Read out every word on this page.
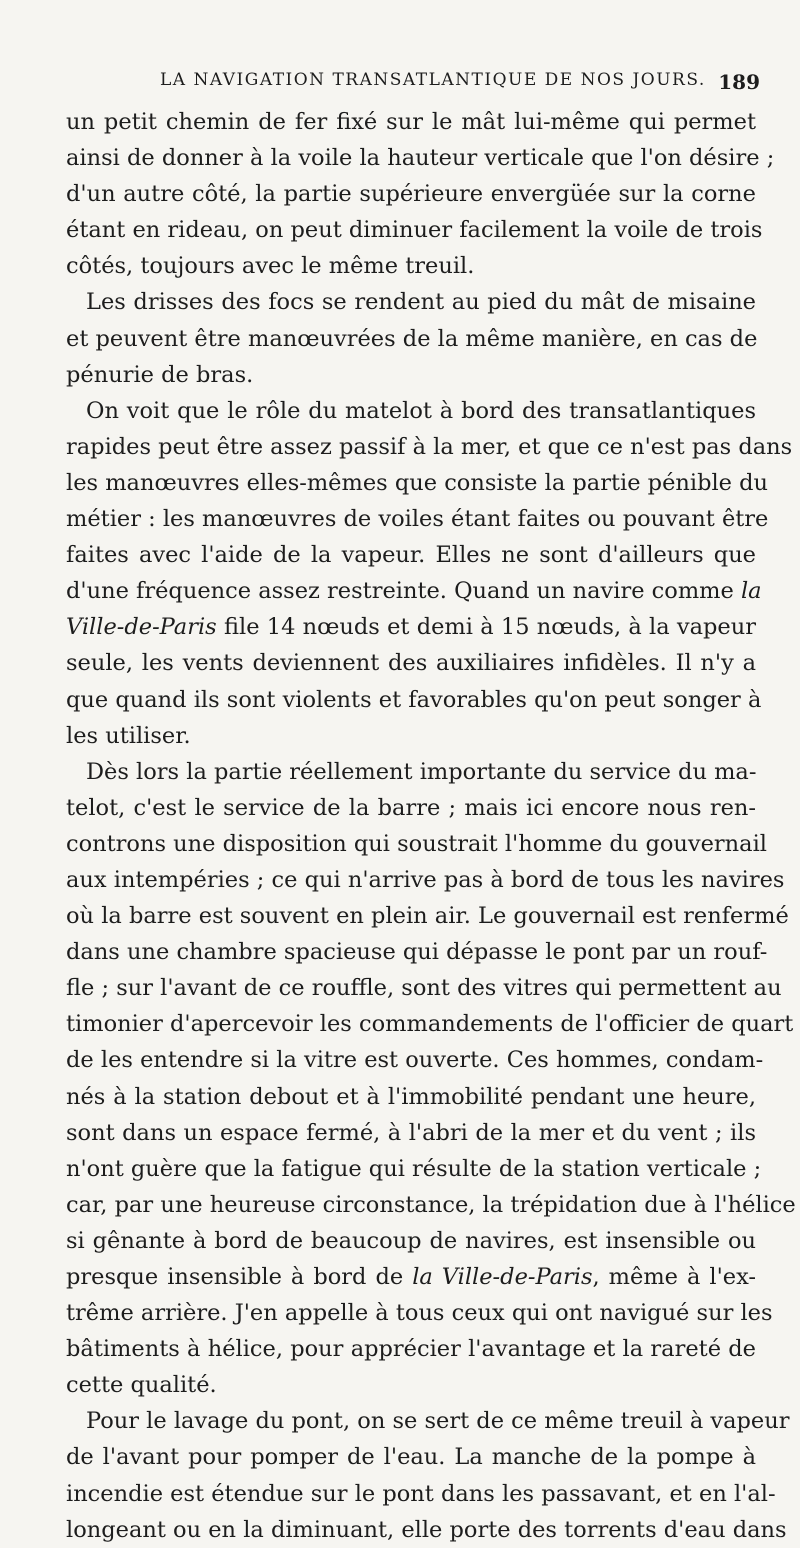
LA NAVIGATION TRANSATLANTIQUE DE NOS JOURS. 189
un petit chemin de fer fixé sur le mât lui-même qui permet
ainsi de donner à la voile la hauteur verticale que l'on désire ;
d'un autre côté, la partie supérieure envergüée sur la corne
étant en rideau, on peut diminuer facilement la voile de trois
côtés, toujours avec le même treuil.
Les drisses des focs se rendent au pied du mât de misaine
et peuvent être manœuvrées de la même manière, en cas de
pénurie de bras.
On voit que le rôle du matelot à bord des transatlantiques
rapides peut être assez passif à la mer, et que ce n'est pas dans
les manœuvres elles-mêmes que consiste la partie pénible du
métier : les manœuvres de voiles étant faites ou pouvant être
faites avec l'aide de la vapeur. Elles ne sont d'ailleurs que
d'une fréquence assez restreinte. Quand un navire comme la
Ville-de-Paris file 14 nœuds et demi à 15 nœuds, à la vapeur
seule, les vents deviennent des auxiliaires infidèles. Il n'y a
que quand ils sont violents et favorables qu'on peut songer à
les utiliser.
Dès lors la partie réellement importante du service du ma-
telot, c'est le service de la barre ; mais ici encore nous ren-
controns une disposition qui soustrait l'homme du gouvernail
aux intempéries ; ce qui n'arrive pas à bord de tous les navires
où la barre est souvent en plein air. Le gouvernail est renfermé
dans une chambre spacieuse qui dépasse le pont par un rouf-
fle ; sur l'avant de ce rouffle, sont des vitres qui permettent au
timonier d'apercevoir les commandements de l'officier de quart
de les entendre si la vitre est ouverte. Ces hommes, condam-
nés à la station debout et à l'immobilité pendant une heure,
sont dans un espace fermé, à l'abri de la mer et du vent ; ils
n'ont guère que la fatigue qui résulte de la station verticale ;
car, par une heureuse circonstance, la trépidation due à l'hélice
si gênante à bord de beaucoup de navires, est insensible ou
presque insensible à bord de la Ville-de-Paris, même à l'ex-
trême arrière. J'en appelle à tous ceux qui ont navigué sur les
bâtiments à hélice, pour apprécier l'avantage et la rareté de
cette qualité.
Pour le lavage du pont, on se sert de ce même treuil à vapeur
de l'avant pour pomper de l'eau. La manche de la pompe à
incendie est étendue sur le pont dans les passavant, et en l'al-
longeant ou en la diminuant, elle porte des torrents d'eau dans
